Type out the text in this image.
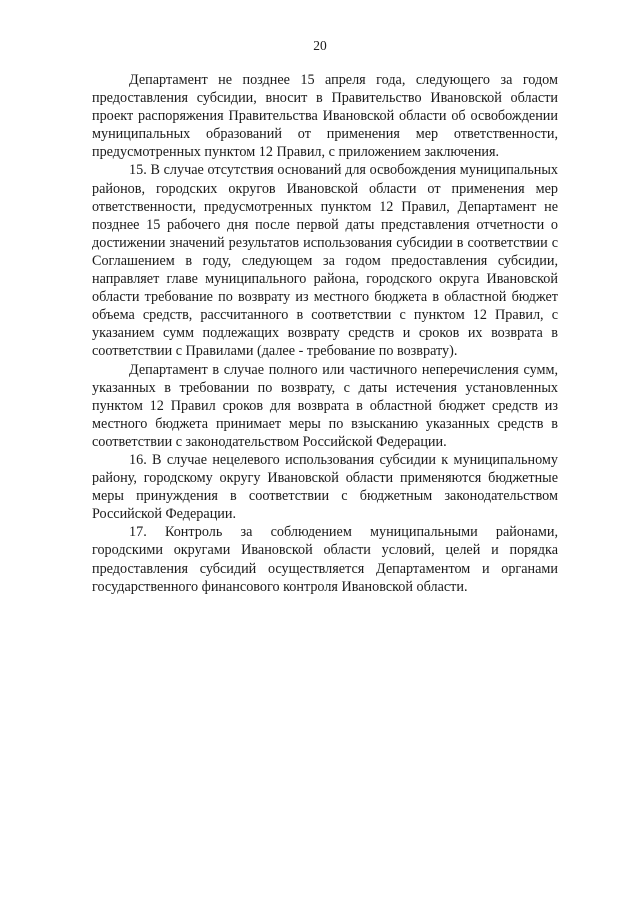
20

Департамент не позднее 15 апреля года, следующего за годом предоставления субсидии, вносит в Правительство Ивановской области проект распоряжения Правительства Ивановской области об освобождении муниципальных образований от применения мер ответственности, предусмотренных пунктом 12 Правил, с приложением заключения.

15. В случае отсутствия оснований для освобождения муниципальных районов, городских округов Ивановской области от применения мер ответственности, предусмотренных пунктом 12 Правил, Департамент не позднее 15 рабочего дня после первой даты представления отчетности о достижении значений результатов использования субсидии в соответствии с Соглашением в году, следующем за годом предоставления субсидии, направляет главе муниципального района, городского округа Ивановской области требование по возврату из местного бюджета в областной бюджет объема средств, рассчитанного в соответствии с пунктом 12 Правил, с указанием сумм подлежащих возврату средств и сроков их возврата в соответствии с Правилами (далее - требование по возврату).

Департамент в случае полного или частичного неперечисления сумм, указанных в требовании по возврату, с даты истечения установленных пунктом 12 Правил сроков для возврата в областной бюджет средств из местного бюджета принимает меры по взысканию указанных средств в соответствии с законодательством Российской Федерации.

16. В случае нецелевого использования субсидии к муниципальному району, городскому округу Ивановской области применяются бюджетные меры принуждения в соответствии с бюджетным законодательством Российской Федерации.

17. Контроль за соблюдением муниципальными районами, городскими округами Ивановской области условий, целей и порядка предоставления субсидий осуществляется Департаментом и органами государственного финансового контроля Ивановской области.
